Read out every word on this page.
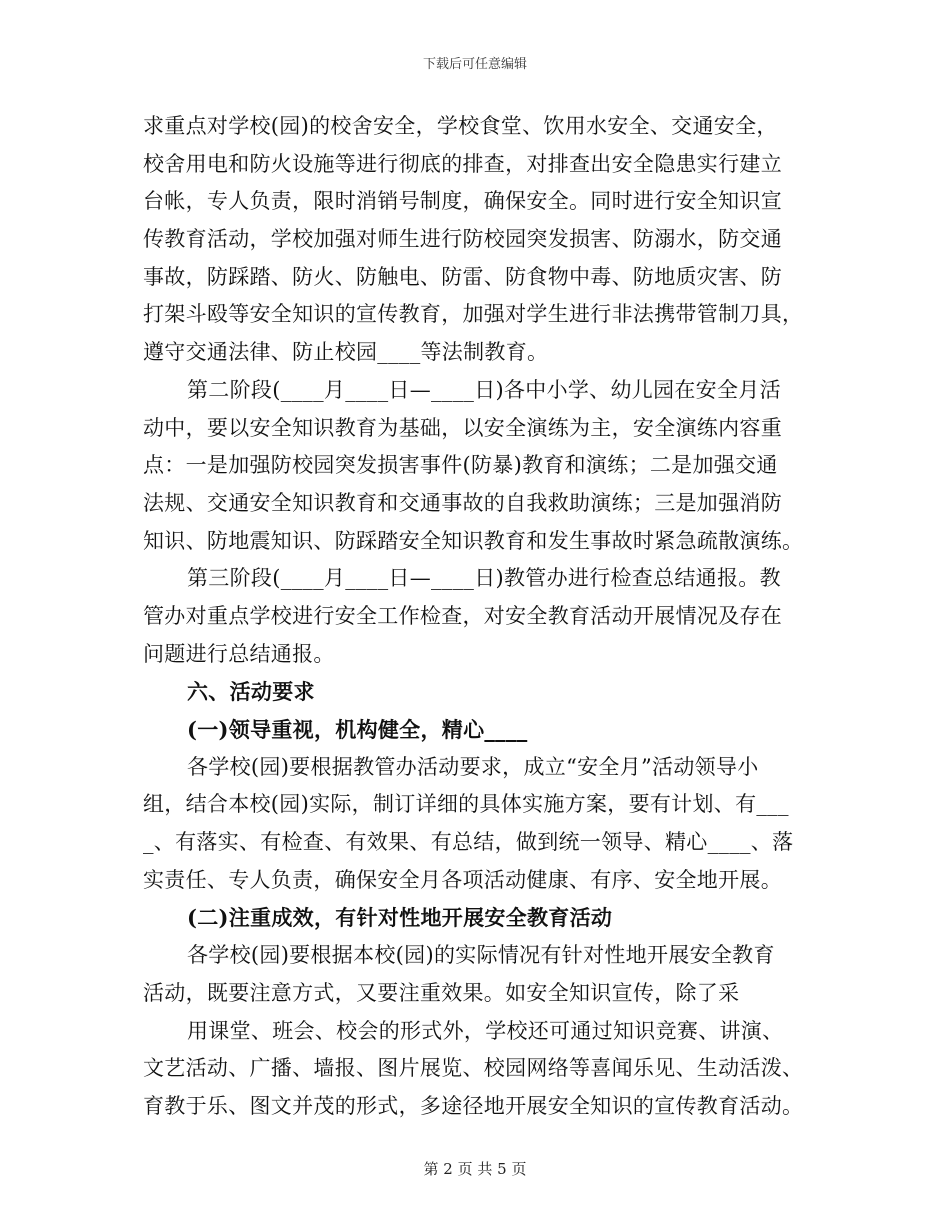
下载后可任意编辑
求重点对学校(园)的校舍安全，学校食堂、饮用水安全、交通安全，
校舍用电和防火设施等进行彻底的排查，对排查出安全隐患实行建立
台帐，专人负责，限时消销号制度，确保安全。同时进行安全知识宣
传教育活动，学校加强对师生进行防校园突发损害、防溺水，防交通
事故，防踩踏、防火、防触电、防雷、防食物中毒、防地质灾害、防
打架斗殴等安全知识的宣传教育，加强对学生进行非法携带管制刀具，
遵守交通法律、防止校园____等法制教育。
第二阶段(____月____日—____日)各中小学、幼儿园在安全月活
动中，要以安全知识教育为基础，以安全演练为主，安全演练内容重
点：一是加强防校园突发损害事件(防暴)教育和演练；二是加强交通
法规、交通安全知识教育和交通事故的自我救助演练；三是加强消防
知识、防地震知识、防踩踏安全知识教育和发生事故时紧急疏散演练。
第三阶段(____月____日—____日)教管办进行检查总结通报。教
管办对重点学校进行安全工作检查，对安全教育活动开展情况及存在
问题进行总结通报。
六、活动要求
(一)领导重视，机构健全，精心____
各学校(园)要根据教管办活动要求，成立“安全月”活动领导小
组，结合本校(园)实际，制订详细的具体实施方案，要有计划、有___
_、有落实、有检查、有效果、有总结，做到统一领导、精心____、落
实责任、专人负责，确保安全月各项活动健康、有序、安全地开展。
(二)注重成效，有针对性地开展安全教育活动
各学校(园)要根据本校(园)的实际情况有针对性地开展安全教育
活动，既要注意方式，又要注重效果。如安全知识宣传，除了采
用课堂、班会、校会的形式外，学校还可通过知识竞赛、讲演、
文艺活动、广播、墙报、图片展览、校园网络等喜闻乐见、生动活泼、
育教于乐、图文并茂的形式，多途径地开展安全知识的宣传教育活动。
第 2 页 共 5 页
